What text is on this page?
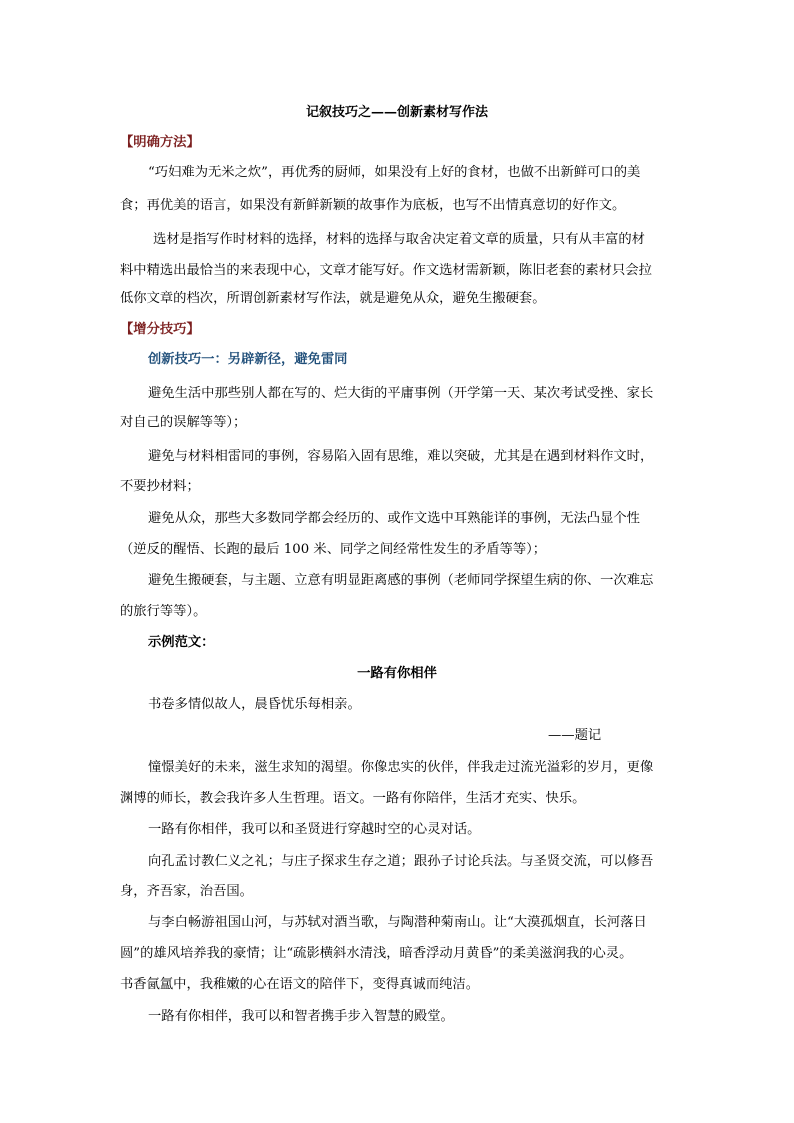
记叙技巧之——创新素材写作法
【明确方法】
“巧妇难为无米之炊”，再优秀的厨师，如果没有上好的食材，也做不出新鲜可口的美
食；再优美的语言，如果没有新鲜新颖的故事作为底板，也写不出情真意切的好作文。
选材是指写作时材料的选择，材料的选择与取舍决定着文章的质量，只有从丰富的材
料中精选出最恰当的来表现中心，文章才能写好。作文选材需新颖，陈旧老套的素材只会拉
低你文章的档次，所谓创新素材写作法，就是避免从众，避免生搬硬套。
【增分技巧】
创新技巧一：另辟新径，避免雷同
避免生活中那些别人都在写的、烂大街的平庸事例（开学第一天、某次考试受挫、家长
对自己的误解等等）；
避免与材料相雷同的事例，容易陷入固有思维，难以突破，尤其是在遇到材料作文时，
不要抄材料；
避免从众，那些大多数同学都会经历的、或作文选中耳熟能详的事例，无法凸显个性
（逆反的醒悟、长跑的最后 100 米、同学之间经常性发生的矛盾等等）；
避免生搬硬套，与主题、立意有明显距离感的事例（老师同学探望生病的你、一次难忘
的旅行等等）。
示例范文：
一路有你相伴
书卷多情似故人，晨昏忧乐每相亲。
——题记
憧憬美好的未来，滋生求知的渴望。你像忠实的伙伴，伴我走过流光溢彩的岁月，更像
渊博的师长，教会我许多人生哲理。语文。一路有你陪伴，生活才充实、快乐。
一路有你相伴，我可以和圣贤进行穿越时空的心灵对话。
向孔孟讨教仁义之礼；与庄子探求生存之道；跟孙子讨论兵法。与圣贤交流，可以修吾
身，齐吾家，治吾国。
与李白畅游祖国山河，与苏轼对酒当歌，与陶潜种菊南山。让“大漠孤烟直，长河落日
圆”的雄风培养我的豪情；让“疏影横斜水清浅，暗香浮动月黄昏”的柔美滋润我的心灵。
书香氤氲中，我稚嫩的心在语文的陪伴下，变得真诚而纯洁。
一路有你相伴，我可以和智者携手步入智慧的殿堂。
